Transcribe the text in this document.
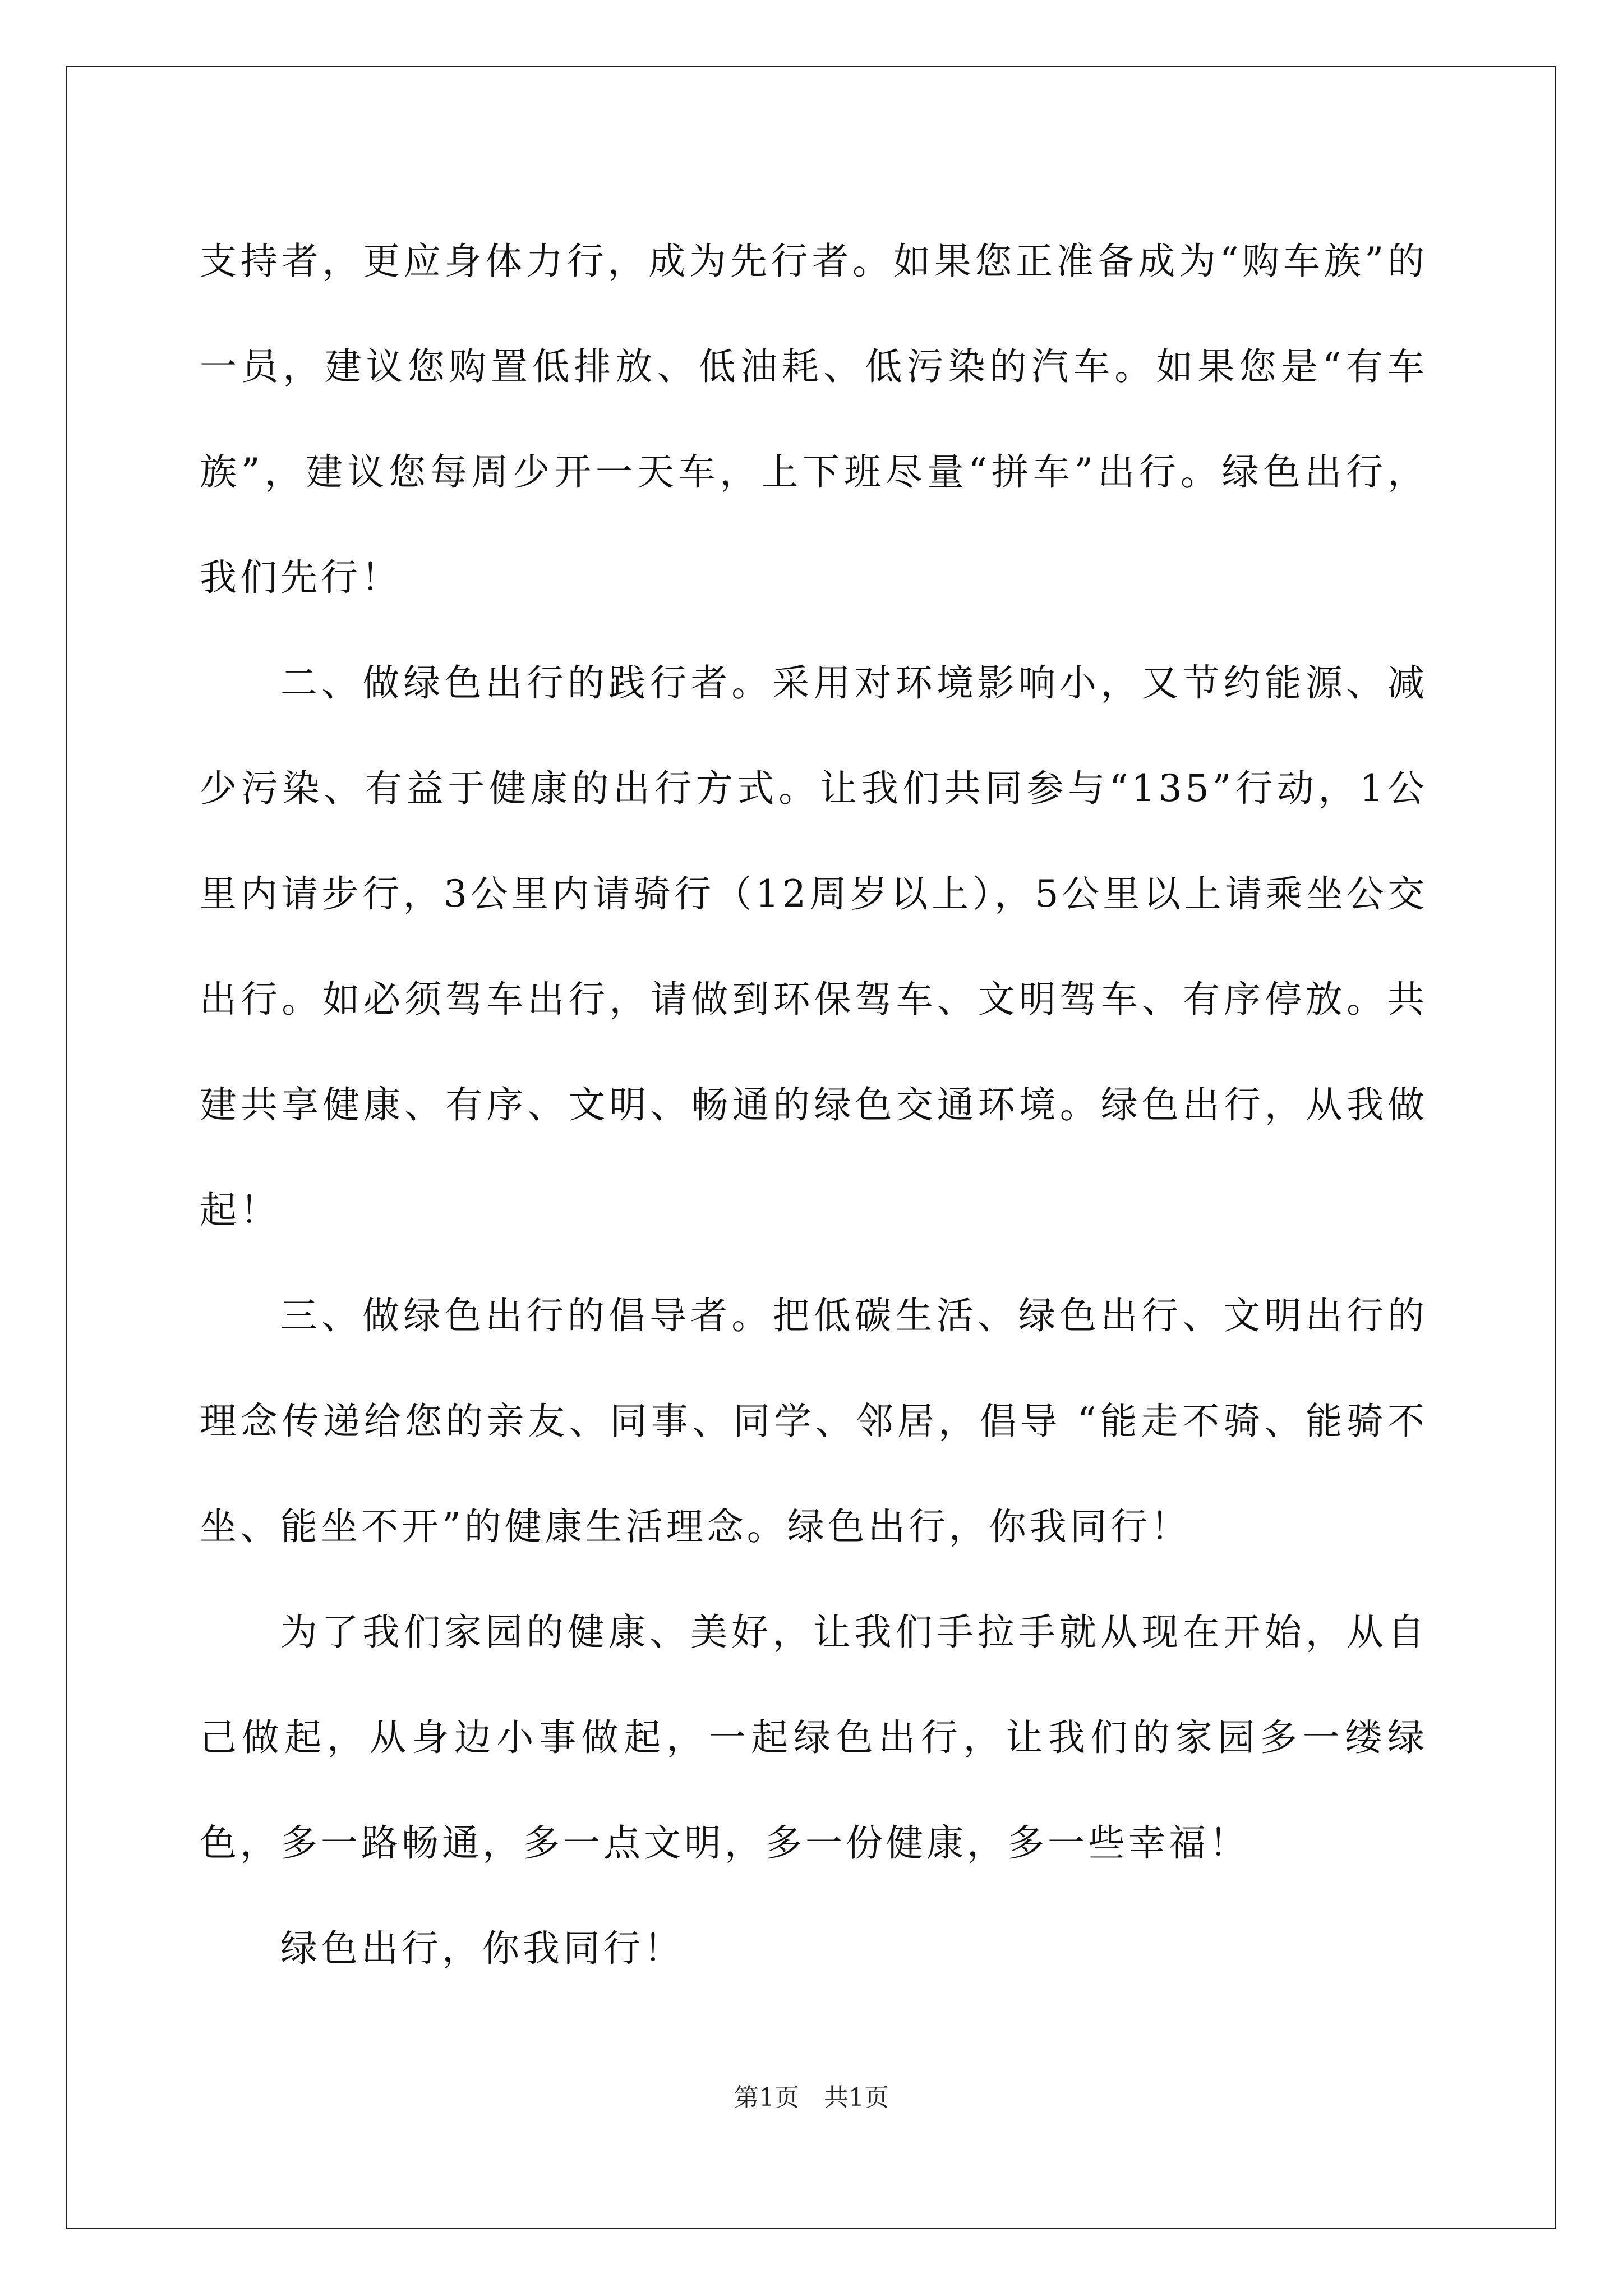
支持者，更应身体力行，成为先行者。如果您正准备成为“购车族”的一员，建议您购置低排放、低油耗、低污染的汽车。如果您是“有车族”，建议您每周少开一天车，上下班尽量“拼车”出行。绿色出行，我们先行！

二、做绿色出行的践行者。采用对环境影响小，又节约能源、减少污染、有益于健康的出行方式。让我们共同参与“135”行动，1公里内请步行，3公里内请骑行（12周岁以上），5公里以上请乘坐公交出行。如必须驾车出行，请做到环保驾车、文明驾车、有序停放。共建共享健康、有序、文明、畅通的绿色交通环境。绿色出行，从我做起！

三、做绿色出行的倡导者。把低碳生活、绿色出行、文明出行的理念传递给您的亲友、同事、同学、邻居，倡导 “能走不骑、能骑不坐、能坐不开”的健康生活理念。绿色出行，你我同行！

为了我们家园的健康、美好，让我们手拉手就从现在开始，从自己做起，从身边小事做起，一起绿色出行，让我们的家园多一缕绿色，多一路畅通，多一点文明，多一份健康，多一些幸福！

绿色出行，你我同行！

第1页　共1页
